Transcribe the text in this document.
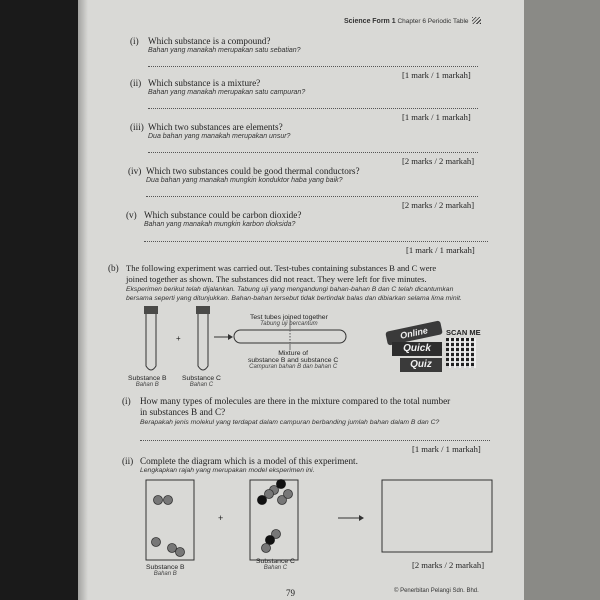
Science Form 1 Chapter 6 Periodic Table
(i) Which substance is a compound?
Bahan yang manakah merupakan satu sebatian?
[1 mark / 1 markah]
(ii) Which substance is a mixture?
Bahan yang manakah merupakan satu campuran?
[1 mark / 1 markah]
(iii) Which two substances are elements?
Dua bahan yang manakah merupakan unsur?
[2 marks / 2 markah]
(iv) Which two substances could be good thermal conductors?
Dua bahan yang manakah mungkin konduktor haba yang baik?
[2 marks / 2 markah]
(v) Which substance could be carbon dioxide?
Bahan yang manakah mungkin karbon dioksida?
[1 mark / 1 markah]
(b) The following experiment was carried out. Test-tubes containing substances B and C were
joined together as shown. The substances did not react. They were left for five minutes.
Eksperimen berikut telah dijalankan. Tabung uji yang mengandungi bahan-bahan B dan C telah dicantumkan
bersama seperti yang ditunjukkan. Bahan-bahan tersebut tidak bertindak balas dan dibiarkan selama lima minit.
+
Test tubes joined together
Tabung uji bercantum
Mixture of
substance B and substance C
Campuran bahan B dan bahan C
Substance B
Bahan B
Substance C
Bahan C
Online
Quick
Quiz
SCAN ME
(i) How many types of molecules are there in the mixture compared to the total number
in substances B and C?
Berapakah jenis molekul yang terdapat dalam campuran berbanding jumlah bahan dalam B dan C?
[1 mark / 1 markah]
(ii) Complete the diagram which is a model of this experiment.
Lengkapkan rajah yang merupakan model eksperimen ini.
+
Substance B
Bahan B
Substance C
Bahan C	[2 marks / 2 markah]
79	© Penerbitan Pelangi Sdn. Bhd.
